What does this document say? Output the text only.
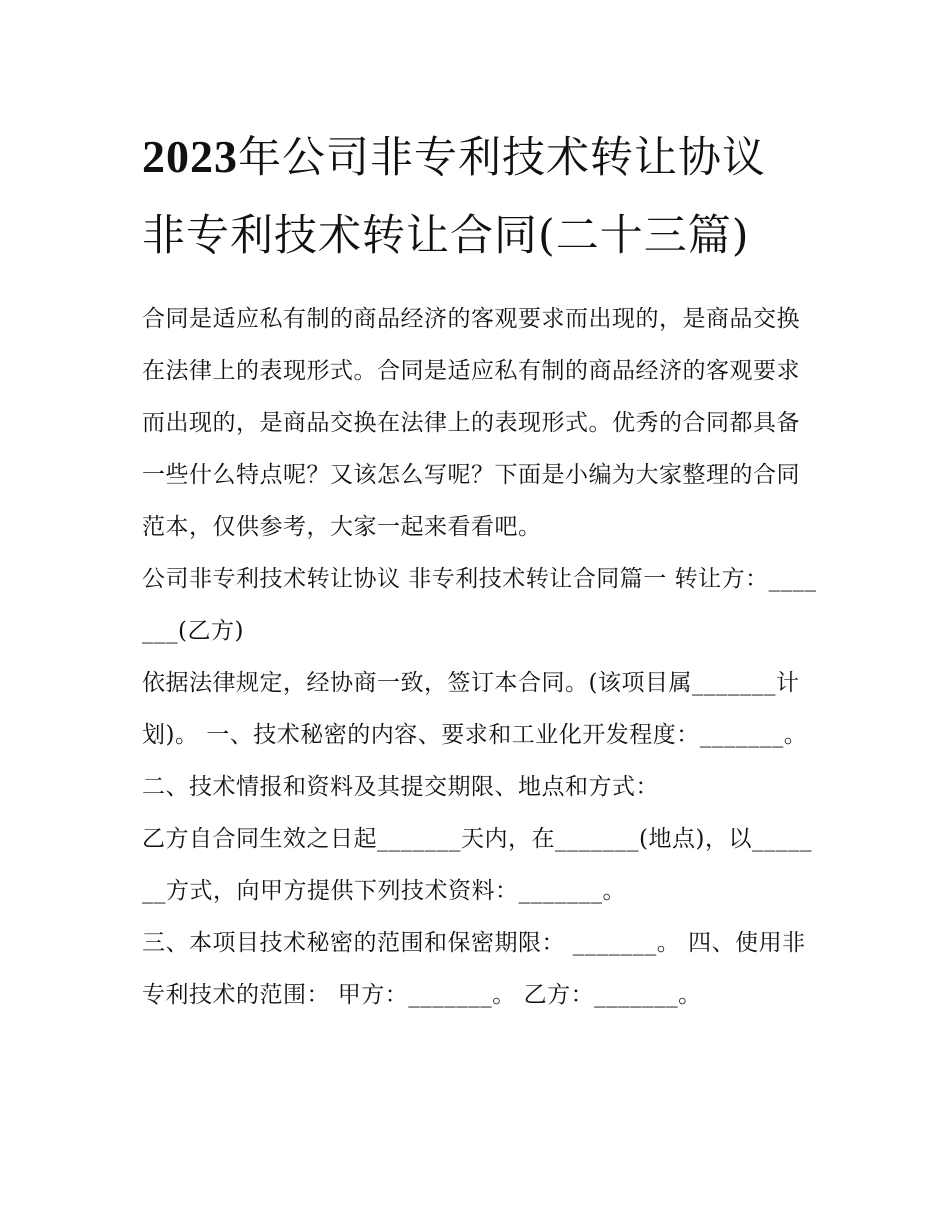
2023年公司非专利技术转让协议 非专利技术转让合同(二十三篇)

合同是适应私有制的商品经济的客观要求而出现的，是商品交换在法律上的表现形式。合同是适应私有制的商品经济的客观要求而出现的，是商品交换在法律上的表现形式。优秀的合同都具备一些什么特点呢？又该怎么写呢？下面是小编为大家整理的合同范本，仅供参考，大家一起来看看吧。

公司非专利技术转让协议 非专利技术转让合同篇一 转让方：_______(乙方)

依据法律规定，经协商一致，签订本合同。(该项目属_______计划)。 一、技术秘密的内容、要求和工业化开发程度：_______。

二、技术情报和资料及其提交期限、地点和方式：

乙方自合同生效之日起_______天内，在_______(地点)，以_______方式，向甲方提供下列技术资料：_______。

三、本项目技术秘密的范围和保密期限： _______。 四、使用非专利技术的范围： 甲方：_______。 乙方：_______。
